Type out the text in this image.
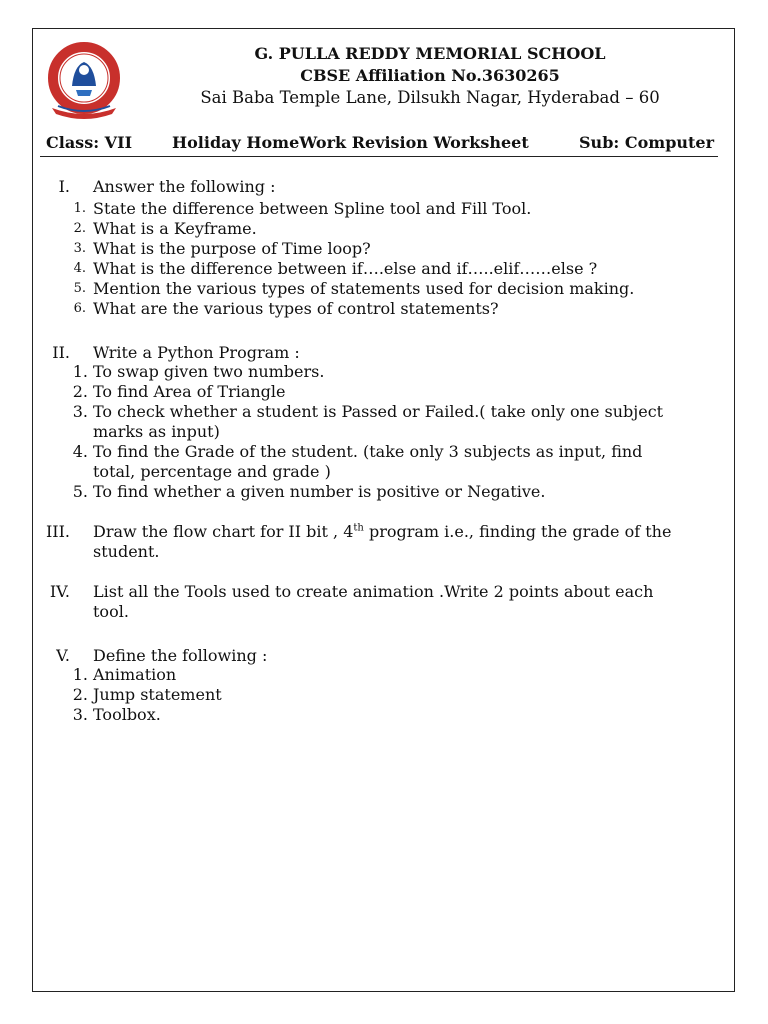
G. PULLA REDDY MEMORIAL SCHOOL
CBSE Affiliation No.3630265
Sai Baba Temple Lane, Dilsukh Nagar, Hyderabad – 60
Class: VII Holiday HomeWork Revision Worksheet	Sub: Computer
I. Answer the following :
1. State the difference between Spline tool and Fill Tool.
2. What is a Keyframe.
3. What is the purpose of Time loop?
4. What is the difference between if….else and if…..elif……else ?
5. Mention the various types of statements used for decision making.
6. What are the various types of control statements?
II. Write a Python Program :
1. To swap given two numbers.
2. To find Area of Triangle
3. To check whether a student is Passed or Failed.( take only one subject
marks as input)
4. To find the Grade of the student. (take only 3 subjects as input, find
total, percentage and grade )
5. To find whether a given number is positive or Negative.
III. Draw the flow chart for II bit , 4th program i.e., finding the grade of the
student.
IV. List all the Tools used to create animation .Write 2 points about each
tool.
V. Define the following :
1. Animation
2. Jump statement
3. Toolbox.
